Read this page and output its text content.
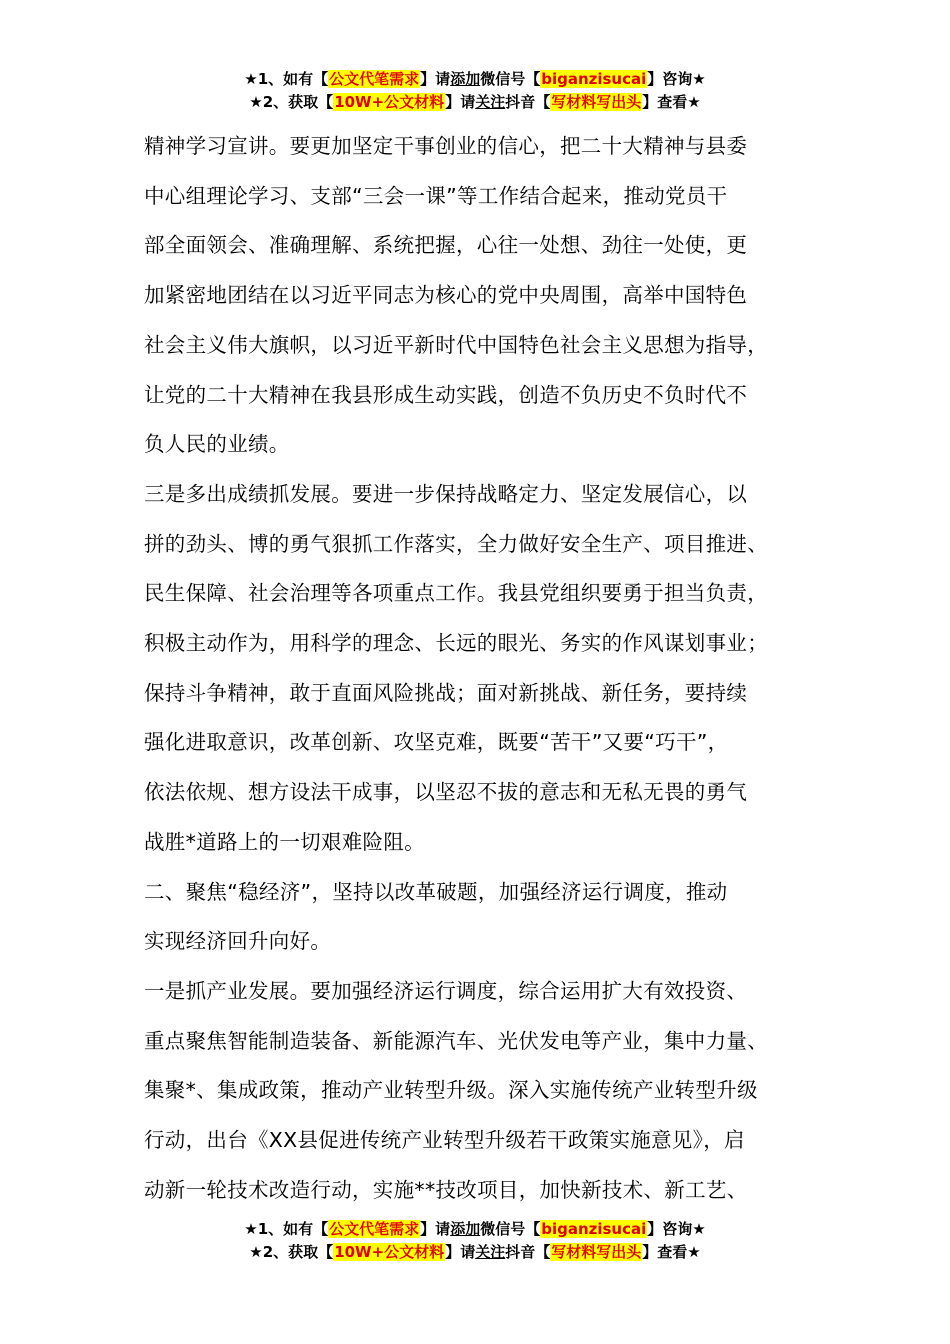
★1、如有【公文代笔需求】请添加微信号【biganzisucai】咨询★
★2、获取【10W+公文材料】请关注抖音【写材料写出头】查看★

精神学习宣讲。要更加坚定干事创业的信心，把二十大精神与县委
中心组理论学习、支部“三会一课”等工作结合起来，推动党员干
部全面领会、准确理解、系统把握，心往一处想、劲往一处使，更
加紧密地团结在以习近平同志为核心的党中央周围，高举中国特色
社会主义伟大旗帜，以习近平新时代中国特色社会主义思想为指导，
让党的二十大精神在我县形成生动实践，创造不负历史不负时代不
负人民的业绩。

三是多出成绩抓发展。要进一步保持战略定力、坚定发展信心，以
拼的劲头、博的勇气狠抓工作落实，全力做好安全生产、项目推进、
民生保障、社会治理等各项重点工作。我县党组织要勇于担当负责，
积极主动作为，用科学的理念、长远的眼光、务实的作风谋划事业；
保持斗争精神，敢于直面风险挑战；面对新挑战、新任务，要持续
强化进取意识，改革创新、攻坚克难，既要“苦干”又要“巧干”，
依法依规、想方设法干成事，以坚忍不拔的意志和无私无畏的勇气
战胜*道路上的一切艰难险阻。

二、聚焦“稳经济”，坚持以改革破题，加强经济运行调度，推动
实现经济回升向好。

一是抓产业发展。要加强经济运行调度，综合运用扩大有效投资、
重点聚焦智能制造装备、新能源汽车、光伏发电等产业，集中力量、
集聚*、集成政策，推动产业转型升级。深入实施传统产业转型升级
行动，出台《XX县促进传统产业转型升级若干政策实施意见》，启
动新一轮技术改造行动，实施**技改项目，加快新技术、新工艺、

★1、如有【公文代笔需求】请添加微信号【biganzisucai】咨询★
★2、获取【10W+公文材料】请关注抖音【写材料写出头】查看★
